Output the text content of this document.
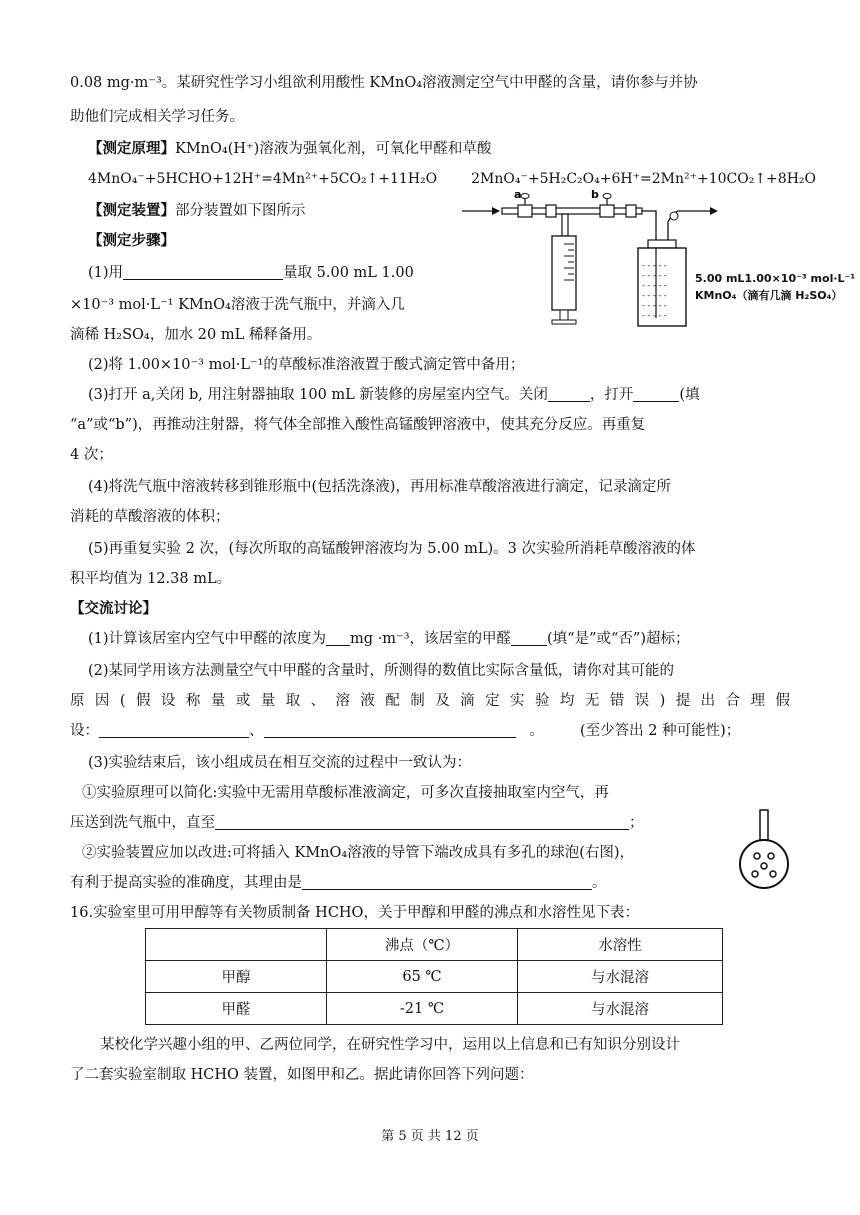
0.08 mg·m⁻³。某研究性学习小组欲利用酸性 KMnO₄溶液测定空气中甲醛的含量，请你参与并协
助他们完成相关学习任务。
【测定原理】KMnO₄(H⁺)溶液为强氧化剂，可氧化甲醛和草酸
4MnO₄⁻+5HCHO+12H⁺=4Mn²⁺+5CO₂↑+11H₂O 2MnO₄⁻+5H₂C₂O₄+6H⁺=2Mn²⁺+10CO₂↑+8H₂O
【测定装置】部分装置如下图所示
【测定步骤】
(1)用	量取 5.00 mL 1.00
×10⁻³ mol·L⁻¹ KMnO₄溶液于洗气瓶中，并滴入几
滴稀 H₂SO₄，加水 20 mL 稀释备用。
(2)将 1.00×10⁻³ mol·L⁻¹的草酸标准溶液置于酸式滴定管中备用；
(3)打开 a,关闭 b, 用注射器抽取 100 mL 新装修的房屋室内空气。关闭	，打开	(填
“a”或“b”)，再推动注射器，将气体全部推入酸性高锰酸钾溶液中，使其充分反应。再重复
4 次；
(4)将洗气瓶中溶液转移到锥形瓶中(包括洗涤液)，再用标准草酸溶液进行滴定，记录滴定所
消耗的草酸溶液的体积；
(5)再重复实验 2 次，(每次所取的高锰酸钾溶液均为 5.00 mL)。3 次实验所消耗草酸溶液的体
积平均值为 12.38 mL。
【交流讨论】
(1)计算该居室内空气中甲醛的浓度为 mg ·m⁻³，该居室的甲醛 (填“是”或“否”)超标；
(2)某同学用该方法测量空气中甲醛的含量时，所测得的数值比实际含量低，请你对其可能的
原因(假设称量或量取、溶液配制及滴定实验均无错误)提出合理假
设：	、	。 (至少答出 2 种可能性)；
(3)实验结束后，该小组成员在相互交流的过程中一致认为：
①实验原理可以简化:实验中无需用草酸标准液滴定，可多次直接抽取室内空气，再
压送到洗气瓶中，直至	；
②实验装置应加以改进:可将插入 KMnO₄溶液的导管下端改成具有多孔的球泡(右图)，
有利于提高实验的准确度，其理由是	。
16.实验室里可用甲醇等有关物质制备 HCHO，关于甲醇和甲醛的沸点和水溶性见下表：
	沸点（℃）	水溶性
甲醇	65 ℃	与水混溶
甲醛	-21 ℃	与水混溶
某校化学兴趣小组的甲、乙两位同学，在研究性学习中，运用以上信息和已有知识分别设计
了二套实验室制取 HCHO 装置，如图甲和乙。据此请你回答下列问题：
a	b
- - - - -
- - - - -
- - - - -
- - - - -
- - - - -
- - - - -
5.00 mL1.00×10⁻³ mol·L⁻¹
KMnO₄（滴有几滴 H₂SO₄）
第 5 页 共 12 页
